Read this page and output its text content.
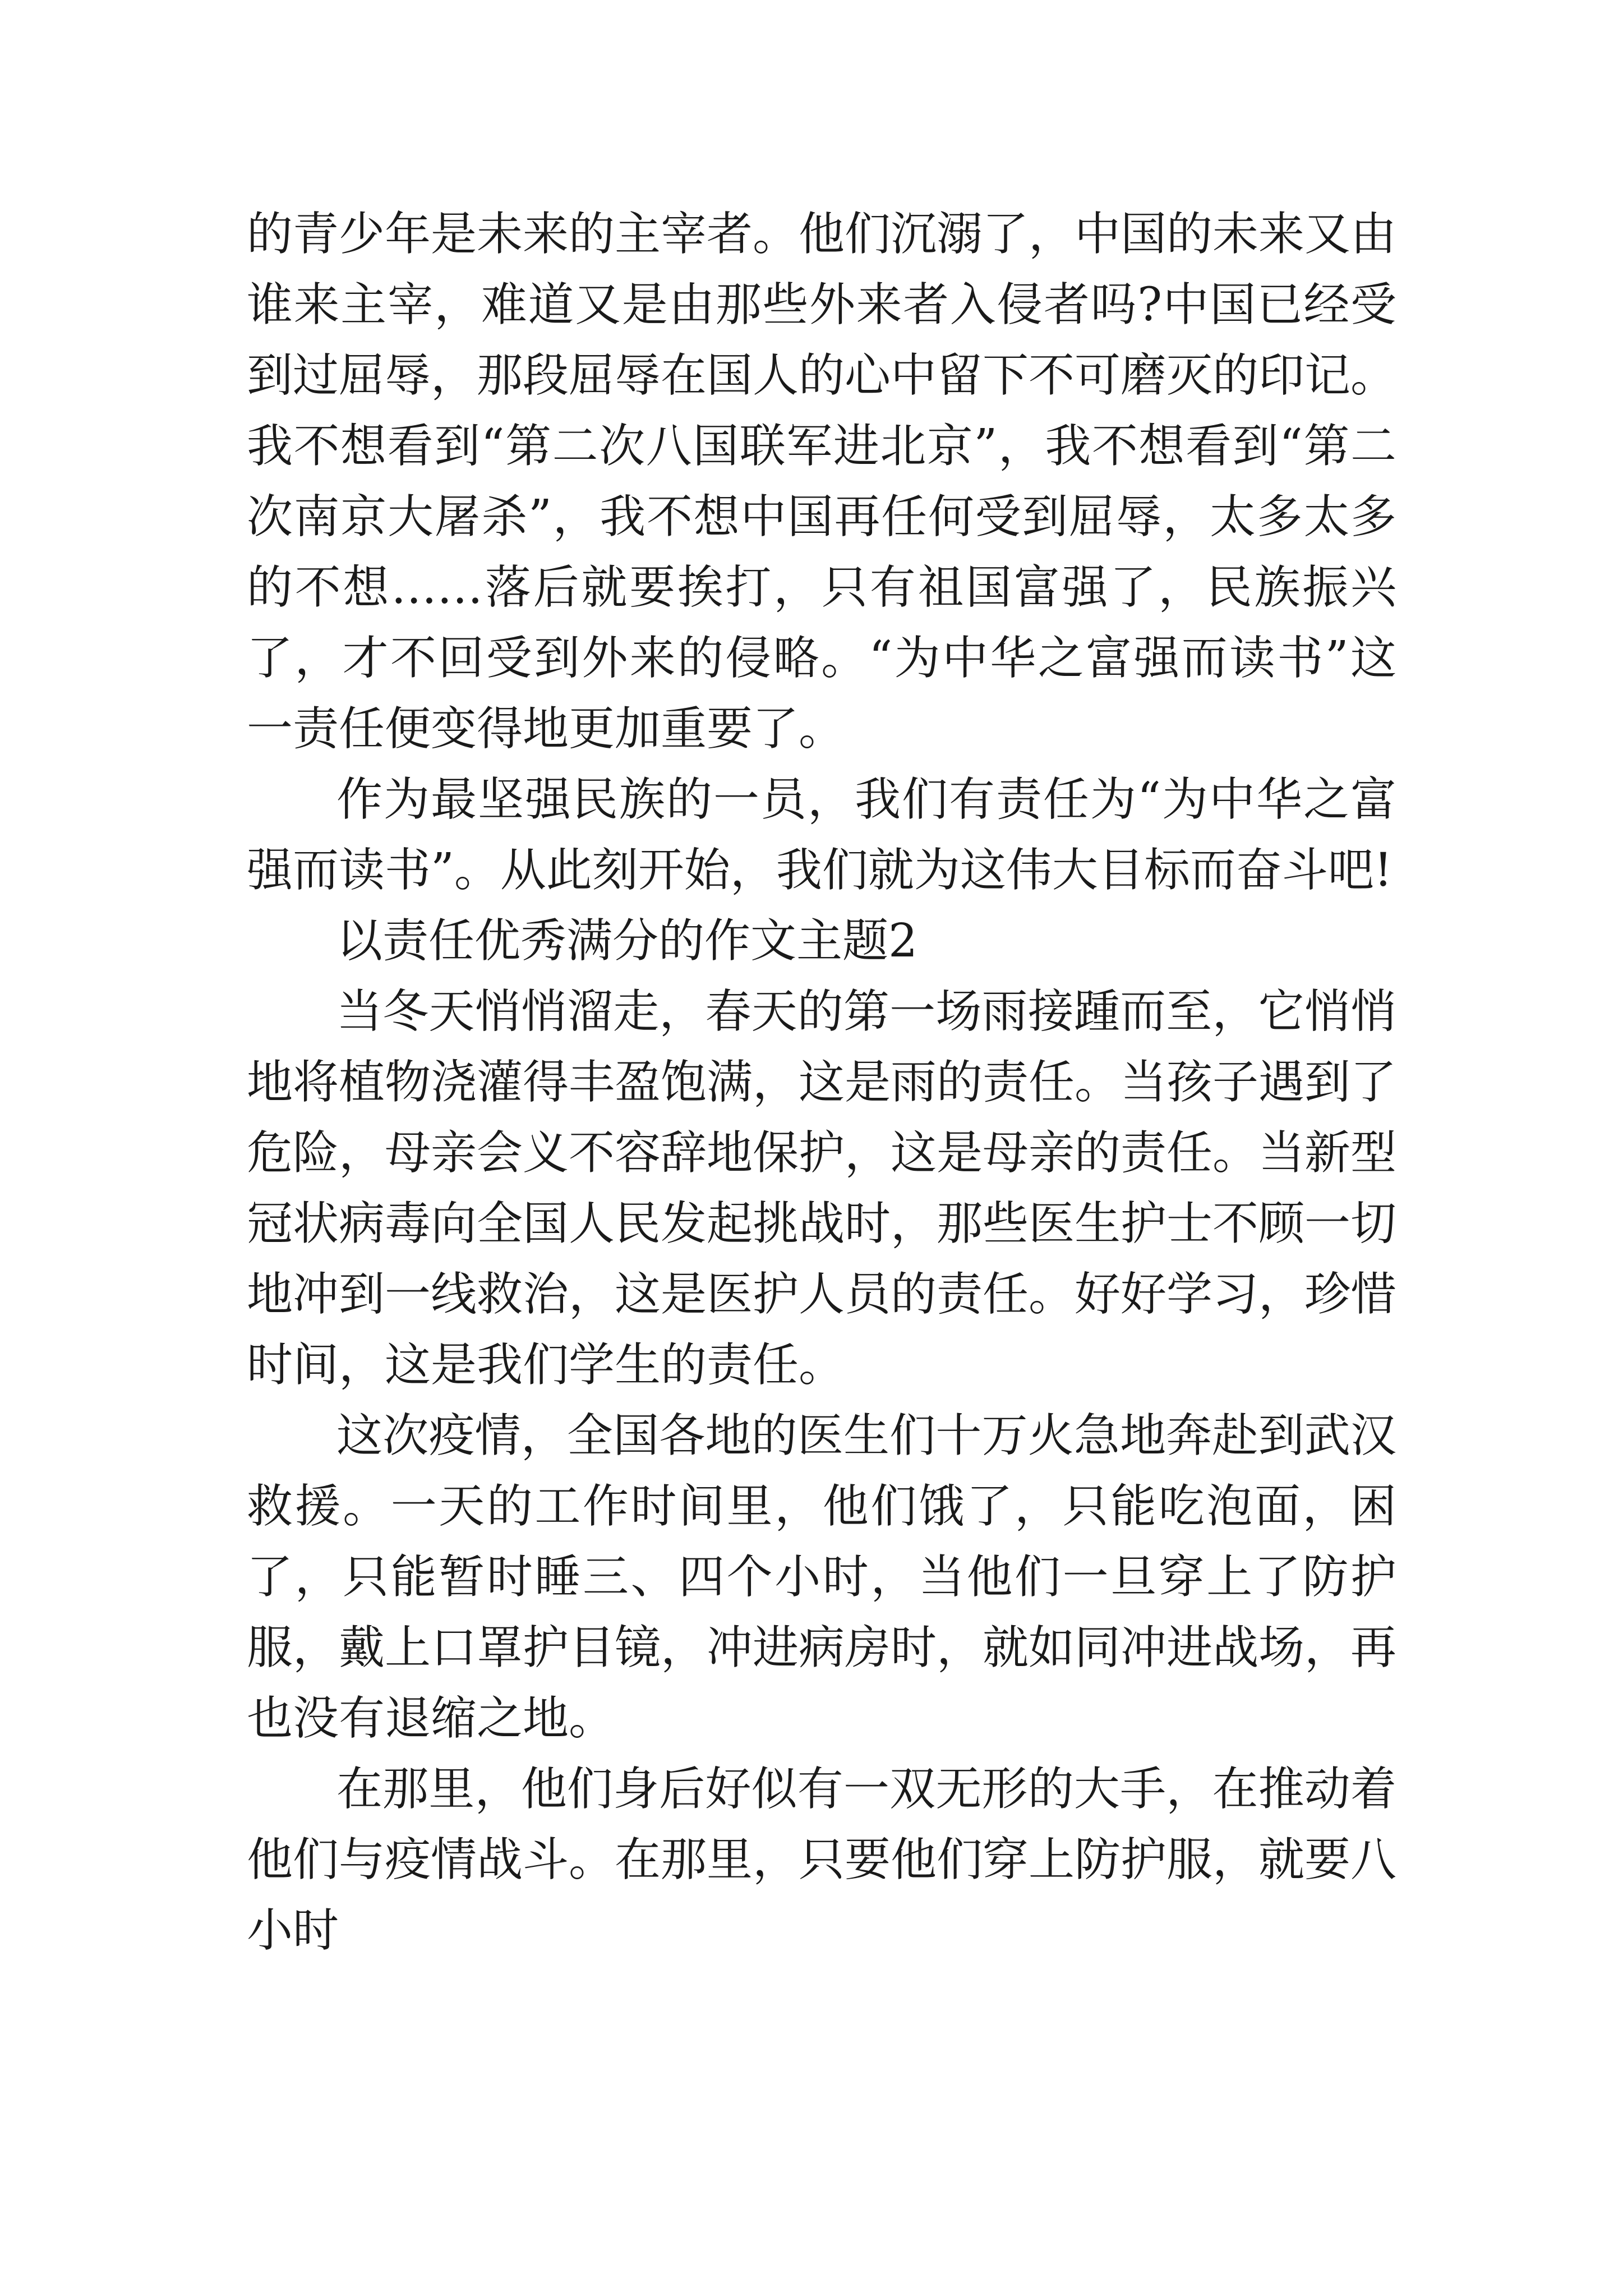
的青少年是未来的主宰者。他们沉溺了，中国的未来又由谁来主宰，难道又是由那些外来者入侵者吗?中国已经受到过屈辱，那段屈辱在国人的心中留下不可磨灭的印记。我不想看到“第二次八国联军进北京”，我不想看到“第二次南京大屠杀”，我不想中国再任何受到屈辱，太多太多的不想……落后就要挨打，只有祖国富强了，民族振兴了，才不回受到外来的侵略。“为中华之富强而读书”这一责任便变得地更加重要了。

作为最坚强民族的一员，我们有责任为“为中华之富强而读书”。从此刻开始，我们就为这伟大目标而奋斗吧!

以责任优秀满分的作文主题2

当冬天悄悄溜走，春天的第一场雨接踵而至，它悄悄地将植物浇灌得丰盈饱满，这是雨的责任。当孩子遇到了危险，母亲会义不容辞地保护，这是母亲的责任。当新型冠状病毒向全国人民发起挑战时，那些医生护士不顾一切地冲到一线救治，这是医护人员的责任。好好学习，珍惜时间，这是我们学生的责任。

这次疫情，全国各地的医生们十万火急地奔赴到武汉救援。一天的工作时间里，他们饿了，只能吃泡面，困了，只能暂时睡三、四个小时，当他们一旦穿上了防护服，戴上口罩护目镜，冲进病房时，就如同冲进战场，再也没有退缩之地。

在那里，他们身后好似有一双无形的大手，在推动着他们与疫情战斗。在那里，只要他们穿上防护服，就要八小时
